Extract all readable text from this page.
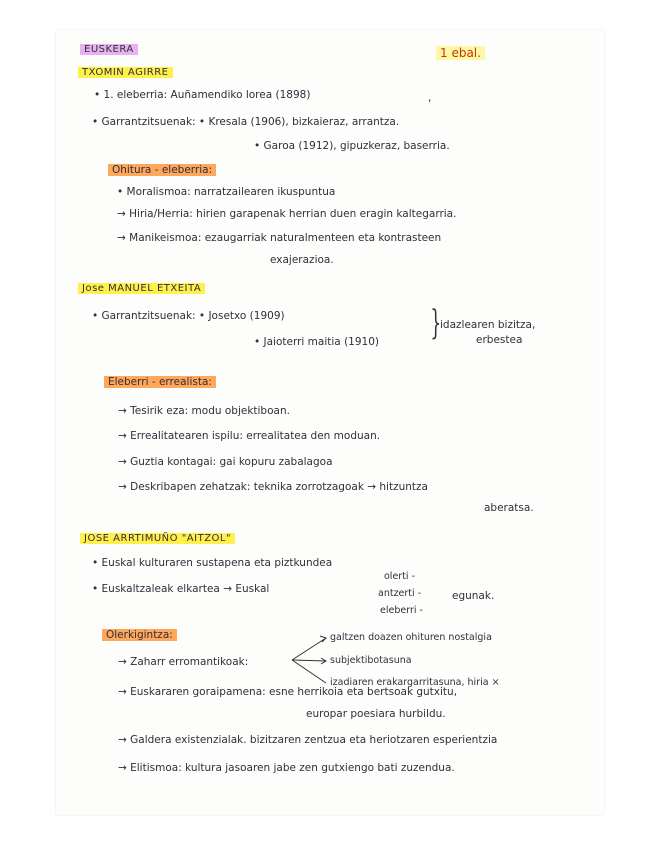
EUSKERA	1 ebal.
TXOMIN AGIRRE
• 1. eleberria: Auñamendiko lorea (1898)	,
• Garrantzitsuenak: • Kresala (1906), bizkaieraz, arrantza.
• Garoa (1912), gipuzkeraz, baserria.
Ohitura - eleberria:
• Moralismoa: narratzailearen ikuspuntua
→ Hiria/Herria: hirien garapenak herrian duen eragin kaltegarria.
→ Manikeismoa: ezaugarriak naturalmenteen eta kontrasteen
exajerazioa.
Jose MANUEL ETXEITA
• Garrantzitsuenak: • Josetxo (1909)
• Jaioterri maitia (1910) }
idazlearen bizitza,
erbestea
Eleberri - errealista:
→ Tesirik eza: modu objektiboan.
→ Errealitatearen ispilu: errealitatea den moduan.
→ Guztia kontagai: gai kopuru zabalagoa
→ Deskribapen zehatzak: teknika zorrotzagoak → hitzuntza
aberatsa.
JOSE ARRTIMUÑO "AITZOL"
• Euskal kulturaren sustapena eta piztkundea
• Euskaltzaleak elkartea → Euskal
olerti -
antzerti -
eleberri -
egunak.
Olerkigintza:
→ Zaharr erromantikoak:
galtzen doazen ohituren nostalgia
subjektibotasuna
izadiaren erakargarritasuna, hiria ×
→ Euskararen goraipamena: esne herrikoia eta bertsoak gutxitu,
europar poesiara hurbildu.
→ Galdera existenzialak. bizitzaren zentzua eta heriotzaren esperientzia
→ Elitismoa: kultura jasoaren jabe zen gutxiengo bati zuzendua.
